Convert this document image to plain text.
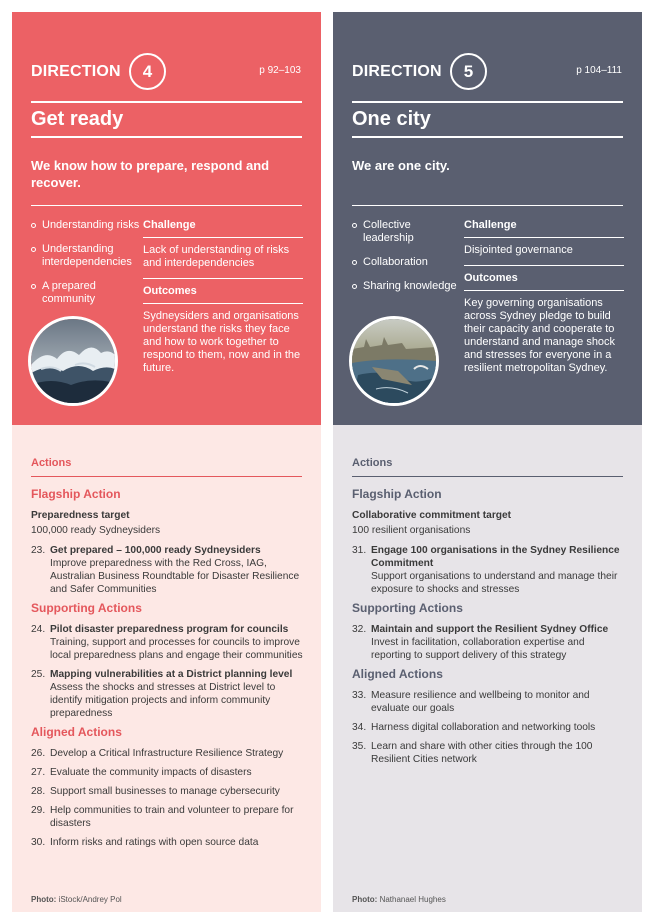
DIRECTION	4	p 92–103
Get ready
We know how to prepare, respond and recover.
Understanding risks
Understanding interdependencies
A prepared community
Challenge

Lack of understanding of risks and interdependencies

Outcomes

Sydneysiders and organisations understand the risks they face and how to work together to respond to them, now and in the future.

Actions
Flagship Action
Preparedness target
100,000 ready Sydneysiders
23. Get prepared – 100,000 ready Sydneysiders
Improve preparedness with the Red Cross, IAG, Australian Business Roundtable for Disaster Resilience and Safer Communities
Supporting Actions
24. Pilot disaster preparedness program for councils
Training, support and processes for councils to improve local preparedness plans and engage their communities
25. Mapping vulnerabilities at a District planning level
Assess the shocks and stresses at District level to identify mitigation projects and inform community preparedness
Aligned Actions
26. Develop a Critical Infrastructure Resilience Strategy
27. Evaluate the community impacts of disasters
28. Support small businesses to manage cybersecurity
29. Help communities to train and volunteer to prepare for disasters
30. Inform risks and ratings with open source data
Photo: iStock/Andrey Pol
DIRECTION	5	p 104–111
One city
We are one city.
Collective leadership
Collaboration
Sharing knowledge
Challenge

Disjointed governance

Outcomes

Key governing organisations across Sydney pledge to build their capacity and cooperate to understand and manage shock and stresses for everyone in a resilient metropolitan Sydney.

Actions
Flagship Action
Collaborative commitment target
100 resilient organisations
31. Engage 100 organisations in the Sydney Resilience Commitment
Support organisations to understand and manage their exposure to shocks and stresses
Supporting Actions
32. Maintain and support the Resilient Sydney Office
Invest in facilitation, collaboration expertise and reporting to support delivery of this strategy
Aligned Actions
33. Measure resilience and wellbeing to monitor and evaluate our goals
34. Harness digital collaboration and networking tools
35. Learn and share with other cities through the 100 Resilient Cities network
Photo: Nathanael Hughes
